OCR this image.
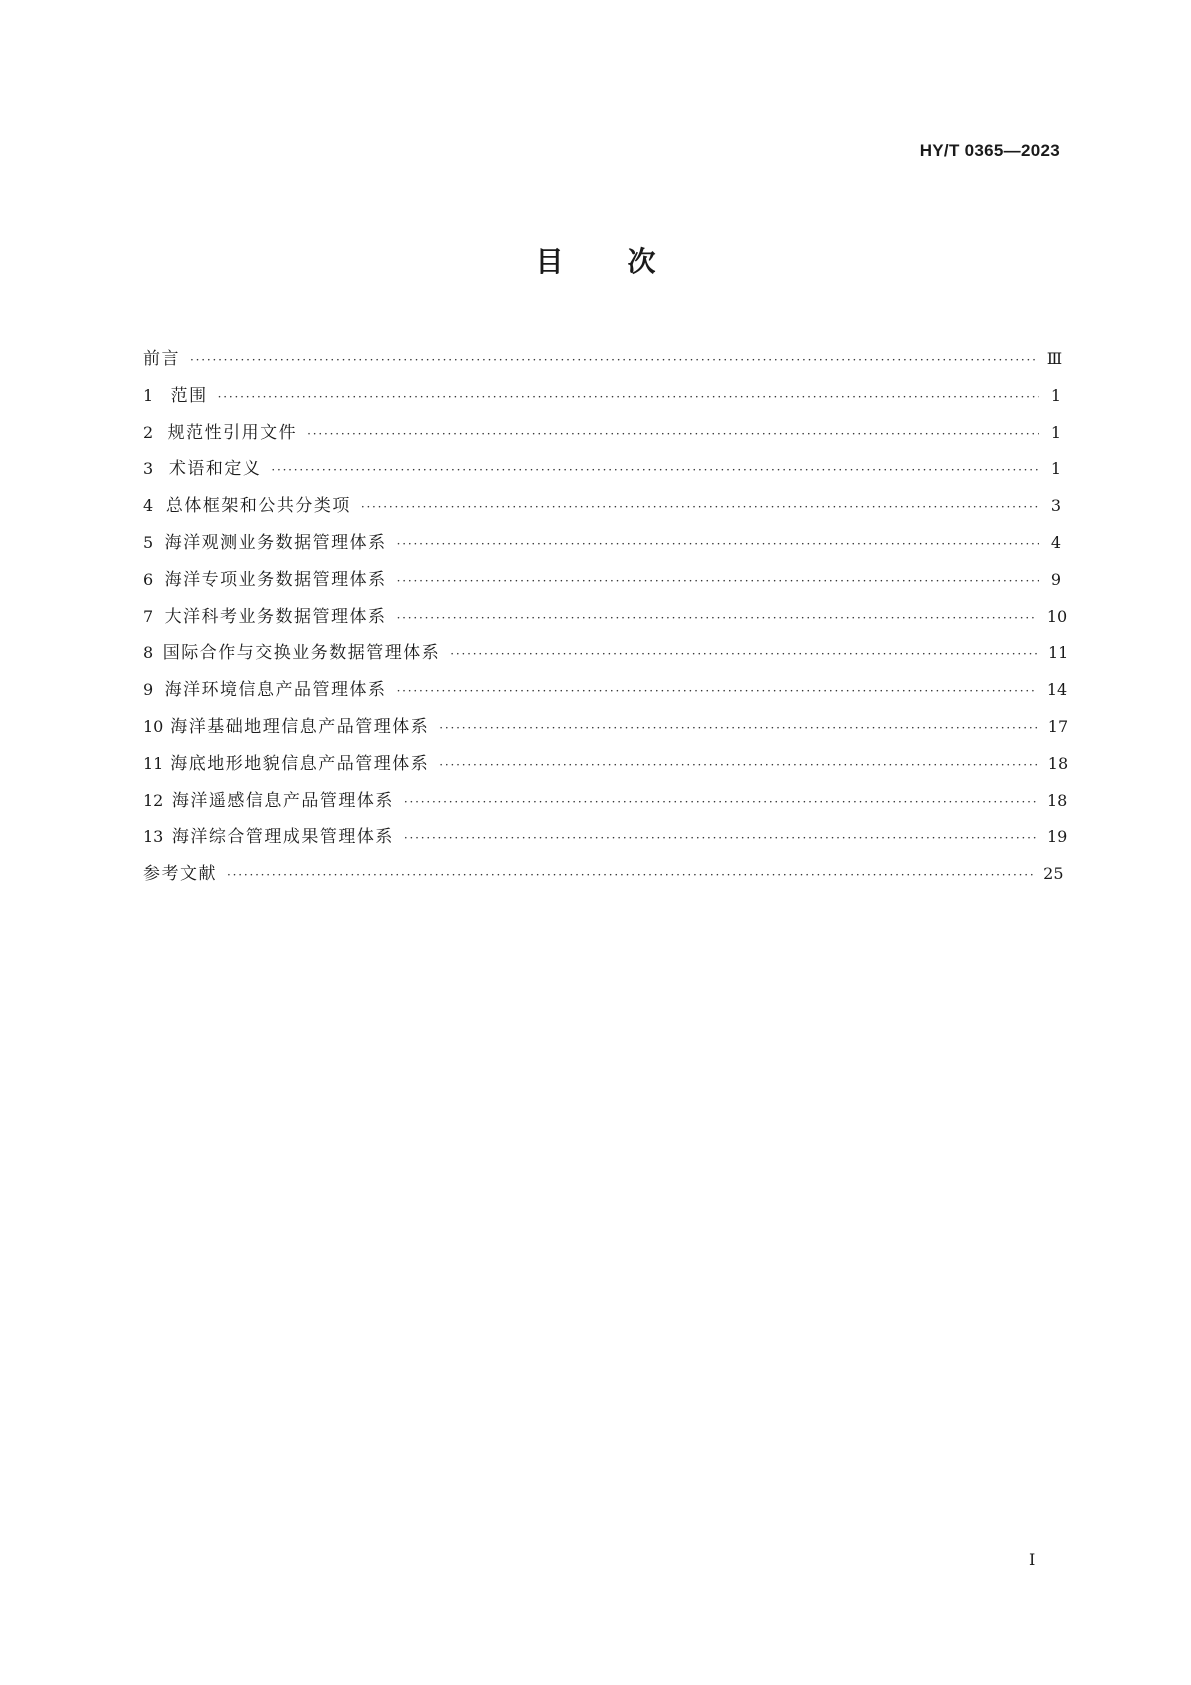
HY/T 0365—2023

目 次
前言 ·····	Ⅲ
1	范围 ·····	1
2 规范性引用文件 ·····	1
3 术语和定义 ·····	1
4 总体框架和公共分类项 ·····	3
5 海洋观测业务数据管理体系 ·····	4
6 海洋专项业务数据管理体系 ·····	9
7 大洋科考业务数据管理体系 ·····	10
8 国际合作与交换业务数据管理体系 ·····	11
9 海洋环境信息产品管理体系 ·····	14
10 海洋基础地理信息产品管理体系 ·····	17
11 海底地形地貌信息产品管理体系 ·····	18
12 海洋遥感信息产品管理体系 ·····	18
13 海洋综合管理成果管理体系 ·····	19
参考文献 ·····	25

I
